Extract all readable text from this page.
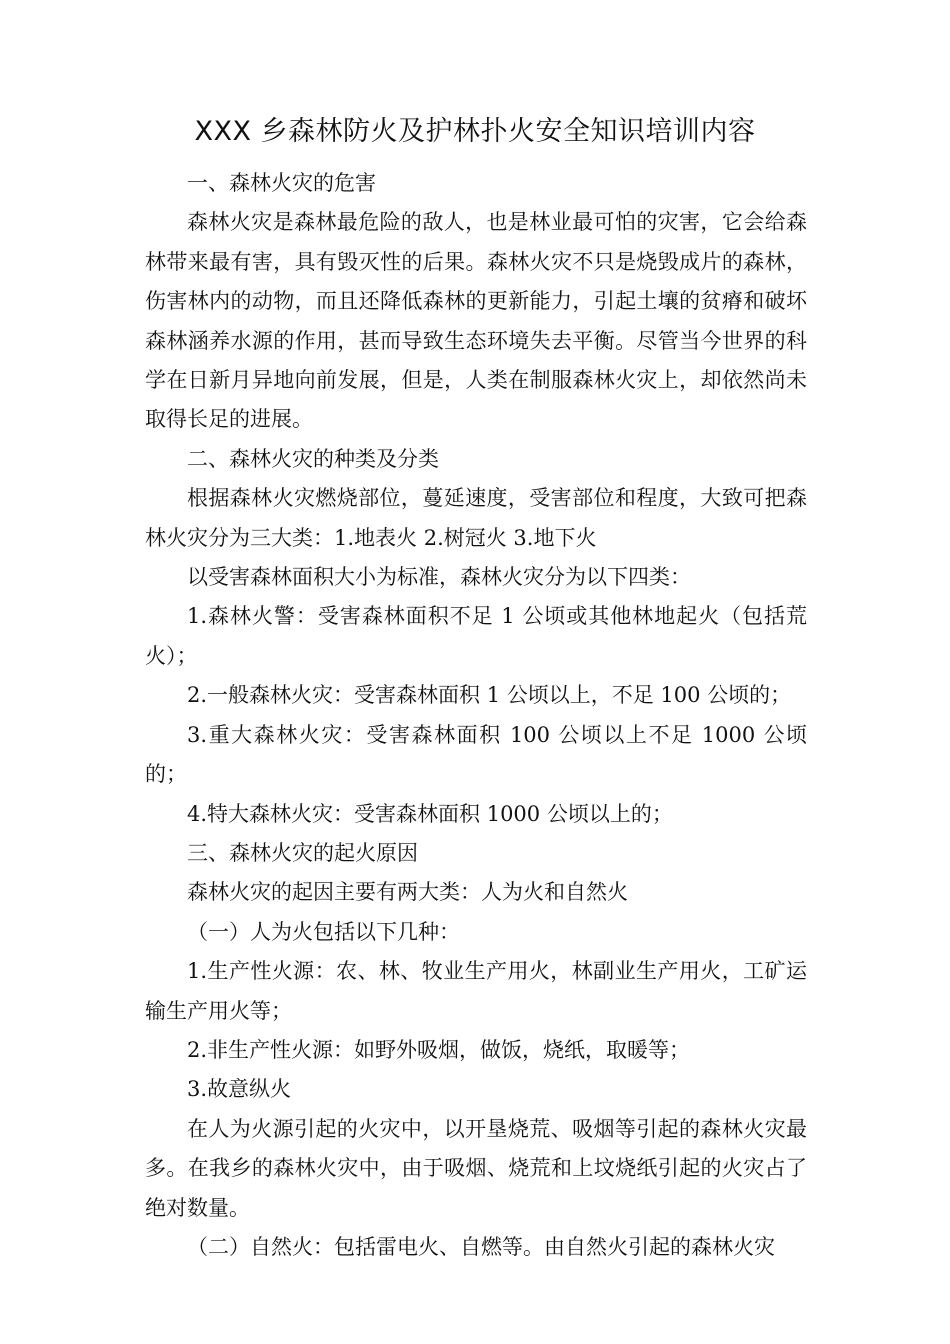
XXX 乡森林防火及护林扑火安全知识培训内容

一、森林火灾的危害

森林火灾是森林最危险的敌人，也是林业最可怕的灾害，它会给森林带来最有害，具有毁灭性的后果。森林火灾不只是烧毁成片的森林，伤害林内的动物，而且还降低森林的更新能力，引起土壤的贫瘠和破坏森林涵养水源的作用，甚而导致生态环境失去平衡。尽管当今世界的科学在日新月异地向前发展，但是，人类在制服森林火灾上，却依然尚未取得长足的进展。

二、森林火灾的种类及分类

根据森林火灾燃烧部位，蔓延速度，受害部位和程度，大致可把森林火灾分为三大类：1.地表火 2.树冠火 3.地下火

以受害森林面积大小为标准，森林火灾分为以下四类：

1.森林火警：受害森林面积不足 1 公顷或其他林地起火（包括荒火）；

2.一般森林火灾：受害森林面积 1 公顷以上，不足 100 公顷的；

3.重大森林火灾：受害森林面积 100 公顷以上不足 1000 公顷的；

4.特大森林火灾：受害森林面积 1000 公顷以上的；

三、森林火灾的起火原因

森林火灾的起因主要有两大类：人为火和自然火

（一）人为火包括以下几种：

1.生产性火源：农、林、牧业生产用火，林副业生产用火，工矿运输生产用火等；

2.非生产性火源：如野外吸烟，做饭，烧纸，取暖等；

3.故意纵火

在人为火源引起的火灾中，以开垦烧荒、吸烟等引起的森林火灾最多。在我乡的森林火灾中，由于吸烟、烧荒和上坟烧纸引起的火灾占了绝对数量。

（二）自然火：包括雷电火、自燃等。由自然火引起的森林火灾
